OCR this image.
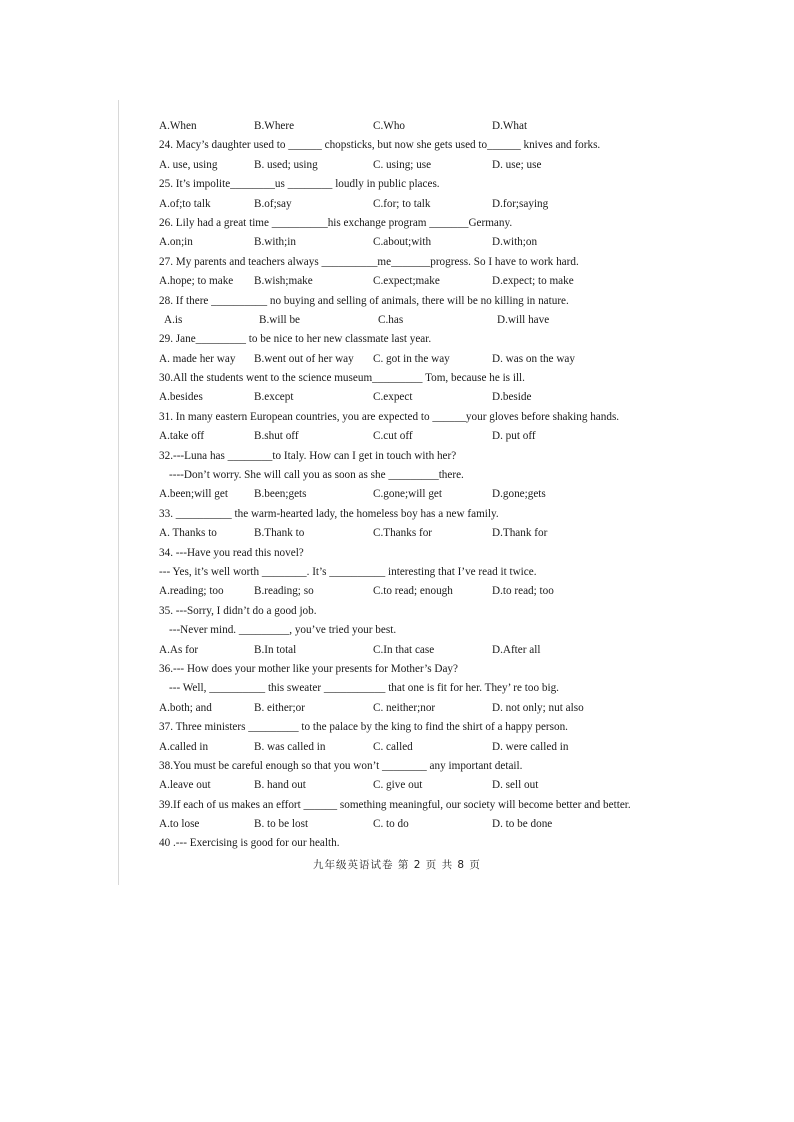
A.When	B.Where	C.Who	D.What
24. Macy’s daughter used to ______ chopsticks, but now she gets used to______ knives and forks.
A. use, using	B. used; using	C. using; use	D. use; use
25. It’s impolite________us ________ loudly in public places.
A.of;to talk	B.of;say	C.for; to talk	D.for;saying
26. Lily had a great time __________his exchange program _______Germany.
A.on;in	B.with;in	C.about;with	D.with;on
27. My parents and teachers always __________me_______progress. So I have to work hard.
A.hope; to make B.wish;make	C.expect;make	D.expect; to make
28. If there __________ no buying and selling of animals, there will be no killing in nature.
A.is	B.will be	C.has	D.will have
29. Jane_________ to be nice to her new classmate last year.
A. made her way B.went out of her way C. got in the way	D. was on the way
30.All the students went to the science museum_________ Tom, because he is ill.
A.besides	B.except	C.expect	D.beside
31. In many eastern European countries, you are expected to ______your gloves before shaking hands.
A.take off	B.shut off	C.cut off	D. put off
32.---Luna has ________to Italy. How can I get in touch with her?
----Don’t worry. She will call you as soon as she _________there.
A.been;will get B.been;gets	C.gone;will get	D.gone;gets
33. __________ the warm-hearted lady, the homeless boy has a new family.
A. Thanks to	B.Thank to	C.Thanks for	D.Thank for
34. ---Have you read this novel?
--- Yes, it’s well worth ________. It’s __________ interesting that I’ve read it twice.
A.reading; too	B.reading; so	C.to read; enough	D.to read; too
35. ---Sorry, I didn’t do a good job.
---Never mind. _________, you’ve tried your best.
A.As for	B.In total	C.In that case	D.After all
36.--- How does your mother like your presents for Mother’s Day?
--- Well, __________ this sweater ___________ that one is fit for her. They’ re too big.
A.both; and	B. either;or	C. neither;nor	D. not only; nut also
37. Three ministers _________ to the palace by the king to find the shirt of a happy person.
A.called in	B. was called in	C. called	D. were called in
38.You must be careful enough so that you won’t ________ any important detail.
A.leave out	B. hand out	C. give out	D. sell out
39.If each of us makes an effort ______ something meaningful, our society will become better and better.
A.to lose	B. to be lost	C. to do	D. to be done
40 .--- Exercising is good for our health.
九年级英语试卷 第 2 页 共 8 页
